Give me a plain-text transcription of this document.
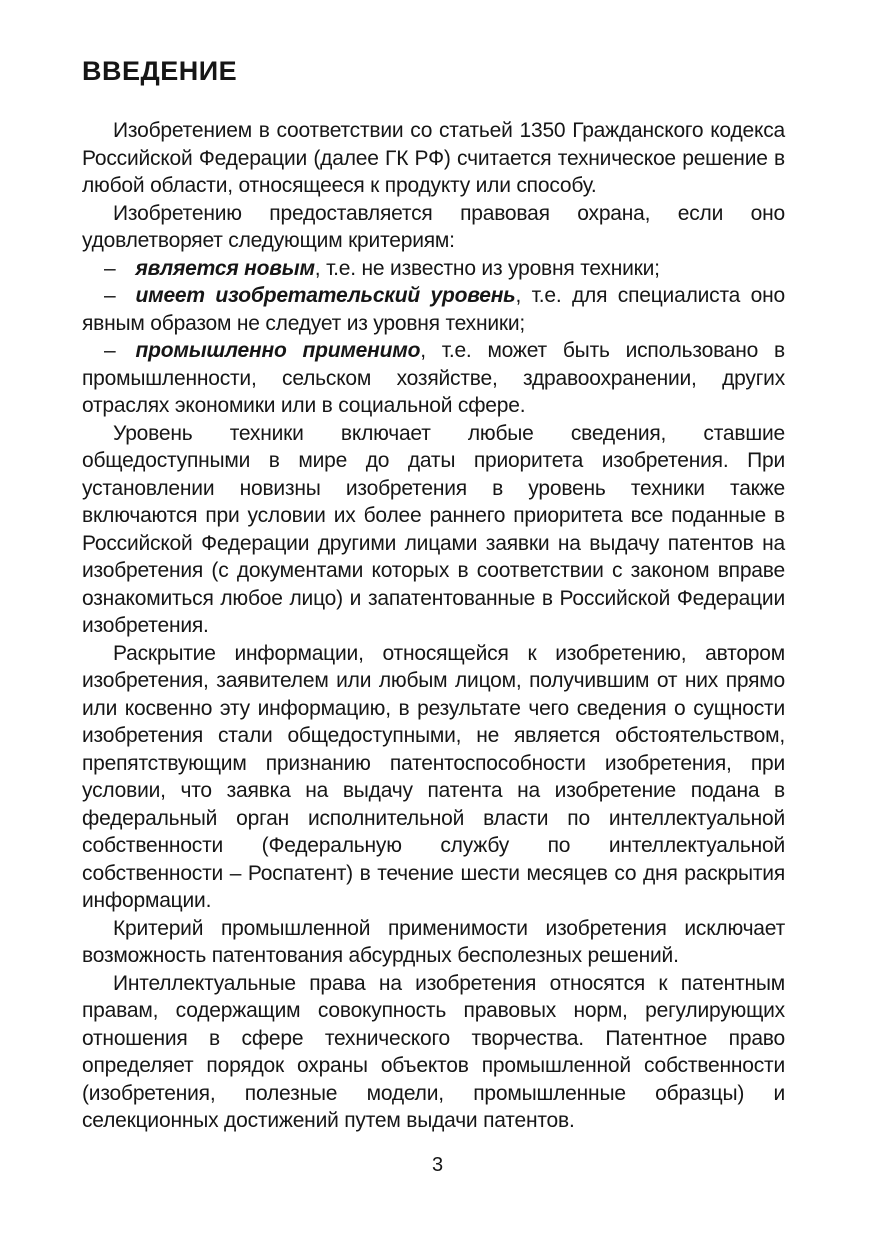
ВВЕДЕНИЕ

Изобретением в соответствии со статьей 1350 Гражданского кодекса Российской Федерации (далее ГК РФ) считается техническое решение в любой области, относящееся к продукту или способу.

Изобретению предоставляется правовая охрана, если оно удовлетворяет следующим критериям:

– является новым, т.е. не известно из уровня техники;

– имеет изобретательский уровень, т.е. для специалиста оно явным образом не следует из уровня техники;

– промышленно применимо, т.е. может быть использовано в промышленности, сельском хозяйстве, здравоохранении, других отраслях экономики или в социальной сфере.

Уровень техники включает любые сведения, ставшие общедоступными в мире до даты приоритета изобретения. При установлении новизны изобретения в уровень техники также включаются при условии их более раннего приоритета все поданные в Российской Федерации другими лицами заявки на выдачу патентов на изобретения (с документами которых в соответствии с законом вправе ознакомиться любое лицо) и запатентованные в Российской Федерации изобретения.

Раскрытие информации, относящейся к изобретению, автором изобретения, заявителем или любым лицом, получившим от них прямо или косвенно эту информацию, в результате чего сведения о сущности изобретения стали общедоступными, не является обстоятельством, препятствующим признанию патентоспособности изобретения, при условии, что заявка на выдачу патента на изобретение подана в федеральный орган исполнительной власти по интеллектуальной собственности (Федеральную службу по интеллектуальной собственности – Роспатент) в течение шести месяцев со дня раскрытия информации.

Критерий промышленной применимости изобретения исключает возможность патентования абсурдных бесполезных решений.

Интеллектуальные права на изобретения относятся к патентным правам, содержащим совокупность правовых норм, регулирующих отношения в сфере технического творчества. Патентное право определяет порядок охраны объектов промышленной собственности (изобретения, полезные модели, промышленные образцы) и селекционных достижений путем выдачи патентов.

3
